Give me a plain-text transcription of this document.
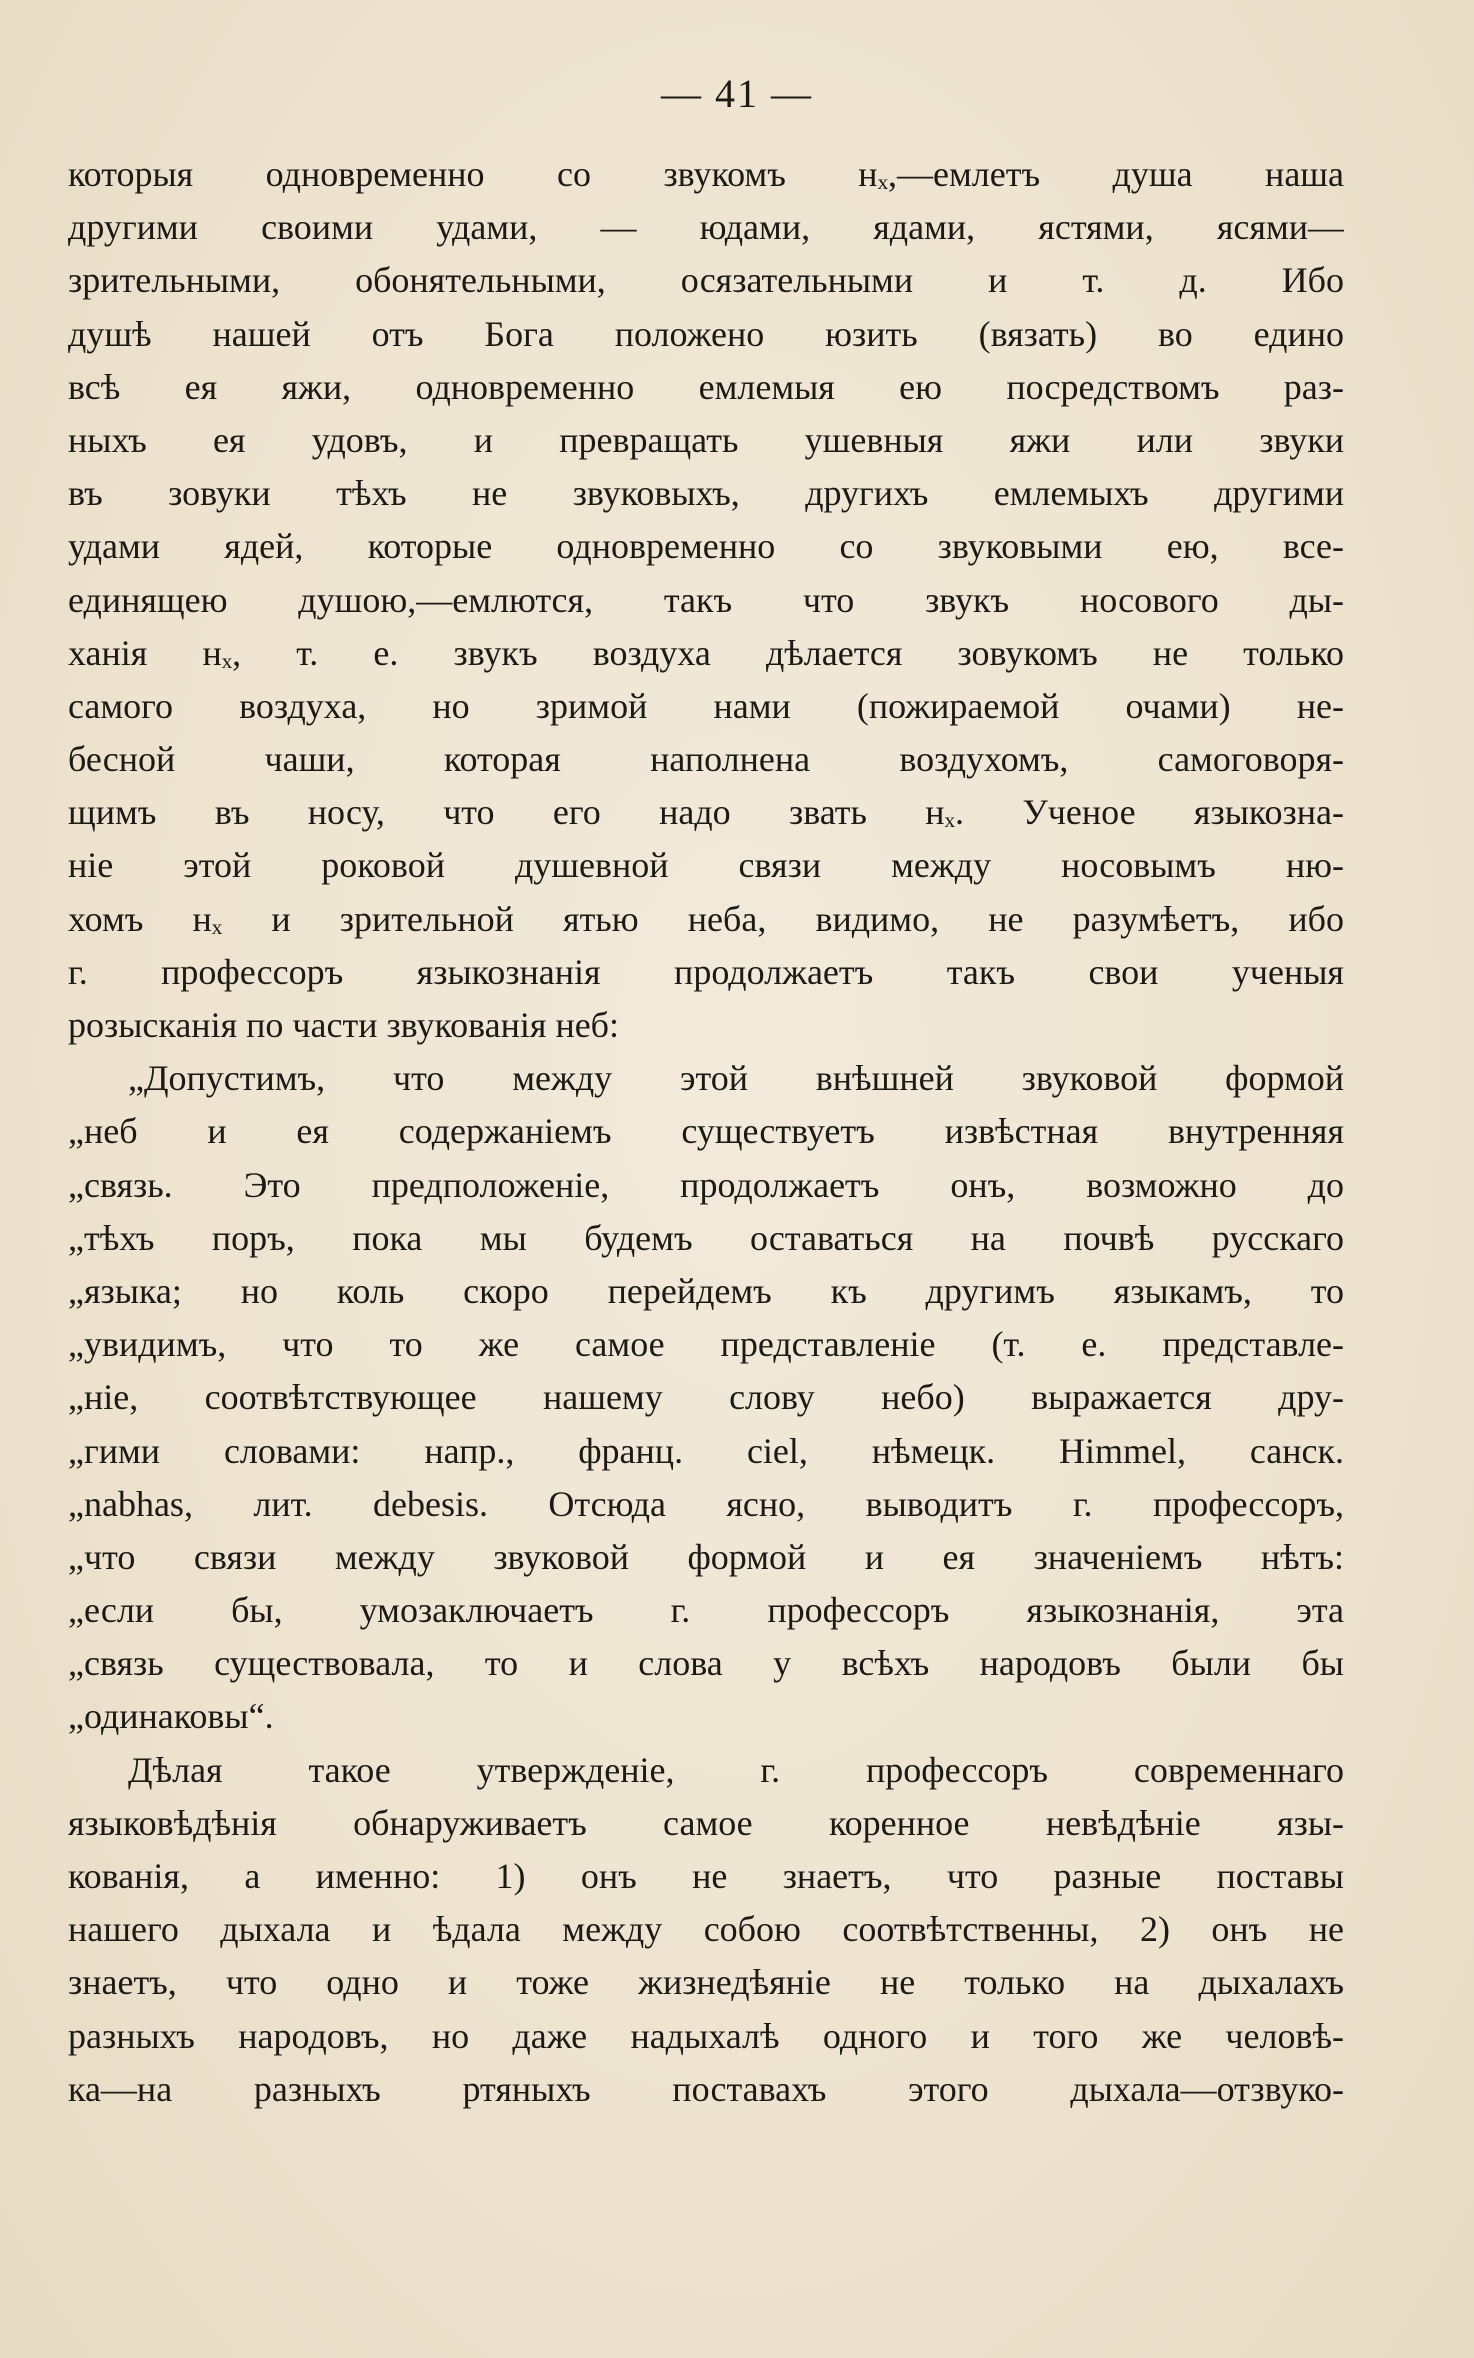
— 41 —
которыя одновременно со звукомъ нₓ,—емлетъ душа наша
другими своими удами, — юдами, ядами, ястями, ясями—
зрительными, обонятельными, осязательными и т. д. Ибо
душѣ нашей отъ Бога положено юзить (вязать) во едино
всѣ ея яжи, одновременно емлемыя ею посредствомъ раз-
ныхъ ея удовъ, и превращать ушевныя яжи или звуки
въ зовуки тѣхъ не звуковыхъ, другихъ емлемыхъ другими
удами ядей, которые одновременно со звуковыми ею, все-
единящею душою,—емлются, такъ что звукъ носового ды-
ханія нₓ, т. е. звукъ воздуха дѣлается зовукомъ не только
самого воздуха, но зримой нами (пожираемой очами) не-
бесной чаши, которая наполнена воздухомъ, самоговоря-
щимъ въ носу, что его надо звать нₓ. Ученое языкозна-
ніе этой роковой душевной связи между носовымъ ню-
хомъ нₓ и зрительной ятью неба, видимо, не разумѣетъ, ибо
г. профессоръ языкознанія продолжаетъ такъ свои ученыя
розысканія по части звукованія неб:
„Допустимъ, что между этой внѣшней звуковой формой
„неб и ея содержаніемъ существуетъ извѣстная внутренняя
„связь. Это предположеніе, продолжаетъ онъ, возможно до
„тѣхъ поръ, пока мы будемъ оставаться на почвѣ русскаго
„языка; но коль скоро перейдемъ къ другимъ языкамъ, то
„увидимъ, что то же самое представленіе (т. е. представле-
„ніе, соотвѣтствующее нашему слову небо) выражается дру-
„гими словами: напр., франц. ciel, нѣмецк. Himmel, санск.
„nabhas, лит. debesis. Отсюда ясно, выводитъ г. профессоръ,
„что связи между звуковой формой и ея значеніемъ нѣтъ:
„если бы, умозаключаетъ г. профессоръ языкознанія, эта
„связь существовала, то и слова у всѣхъ народовъ были бы
„одинаковы“.
Дѣлая такое утвержденіе, г. профессоръ современнаго
языковѣдѣнія обнаруживаетъ самое коренное невѣдѣніе язы-
кованія, а именно: 1) онъ не знаетъ, что разные поставы
нашего дыхала и ѣдала между собою соотвѣтственны, 2) онъ не
знаетъ, что одно и тоже жизнедѣяніе не только на дыхалахъ
разныхъ народовъ, но даже надыхалѣ одного и того же человѣ-
ка—на разныхъ ртяныхъ поставахъ этого дыхала—отзвуко-
